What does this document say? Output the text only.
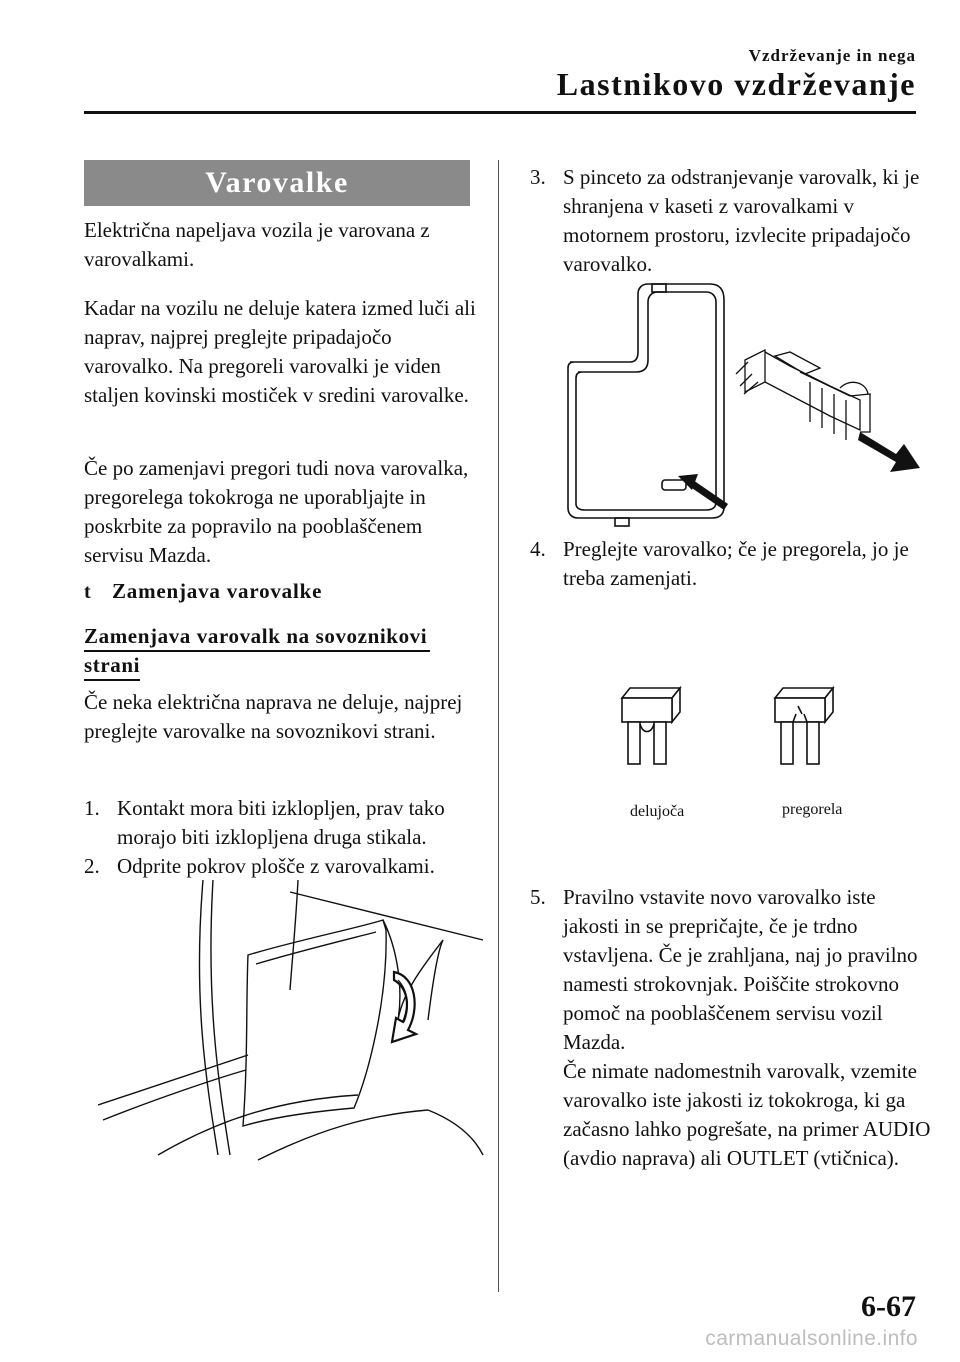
Vzdrževanje in nega
Lastnikovo vzdrževanje
Varovalke
Električna napeljava vozila je varovana z varovalkami.
Kadar na vozilu ne deluje katera izmed luči ali naprav, najprej preglejte pripadajočo varovalko. Na pregoreli varovalki je viden staljen kovinski mostiček v sredini varovalke.
Če po zamenjavi pregori tudi nova varovalka, pregorelega tokokroga ne uporabljajte in poskrbite za popravilo na pooblaščenem servisu Mazda.
t Zamenjava varovalke
Zamenjava varovalk na sovoznikovi strani
Če neka električna naprava ne deluje, najprej preglejte varovalke na sovoznikovi strani.
1. Kontakt mora biti izklopljen, prav tako morajo biti izklopljena druga stikala.
2. Odprite pokrov plošče z varovalkami.
3. S pinceto za odstranjevanje varovalk, ki je shranjena v kaseti z varovalkami v motornem prostoru, izvlecite pripadajočo varovalko.
4. Preglejte varovalko; če je pregorela, jo je treba zamenjati.
delujoča	pregorela
5. Pravilno vstavite novo varovalko iste jakosti in se prepričajte, če je trdno vstavljena. Če je zrahljana, naj jo pravilno namesti strokovnjak. Poiščite strokovno pomoč na pooblaščenem servisu vozil Mazda.
Če nimate nadomestnih varovalk, vzemite varovalko iste jakosti iz tokokroga, ki ga začasno lahko pogrešate, na primer AUDIO (avdio naprava) ali OUTLET (vtičnica).
6-67
carmanualsonline.info
